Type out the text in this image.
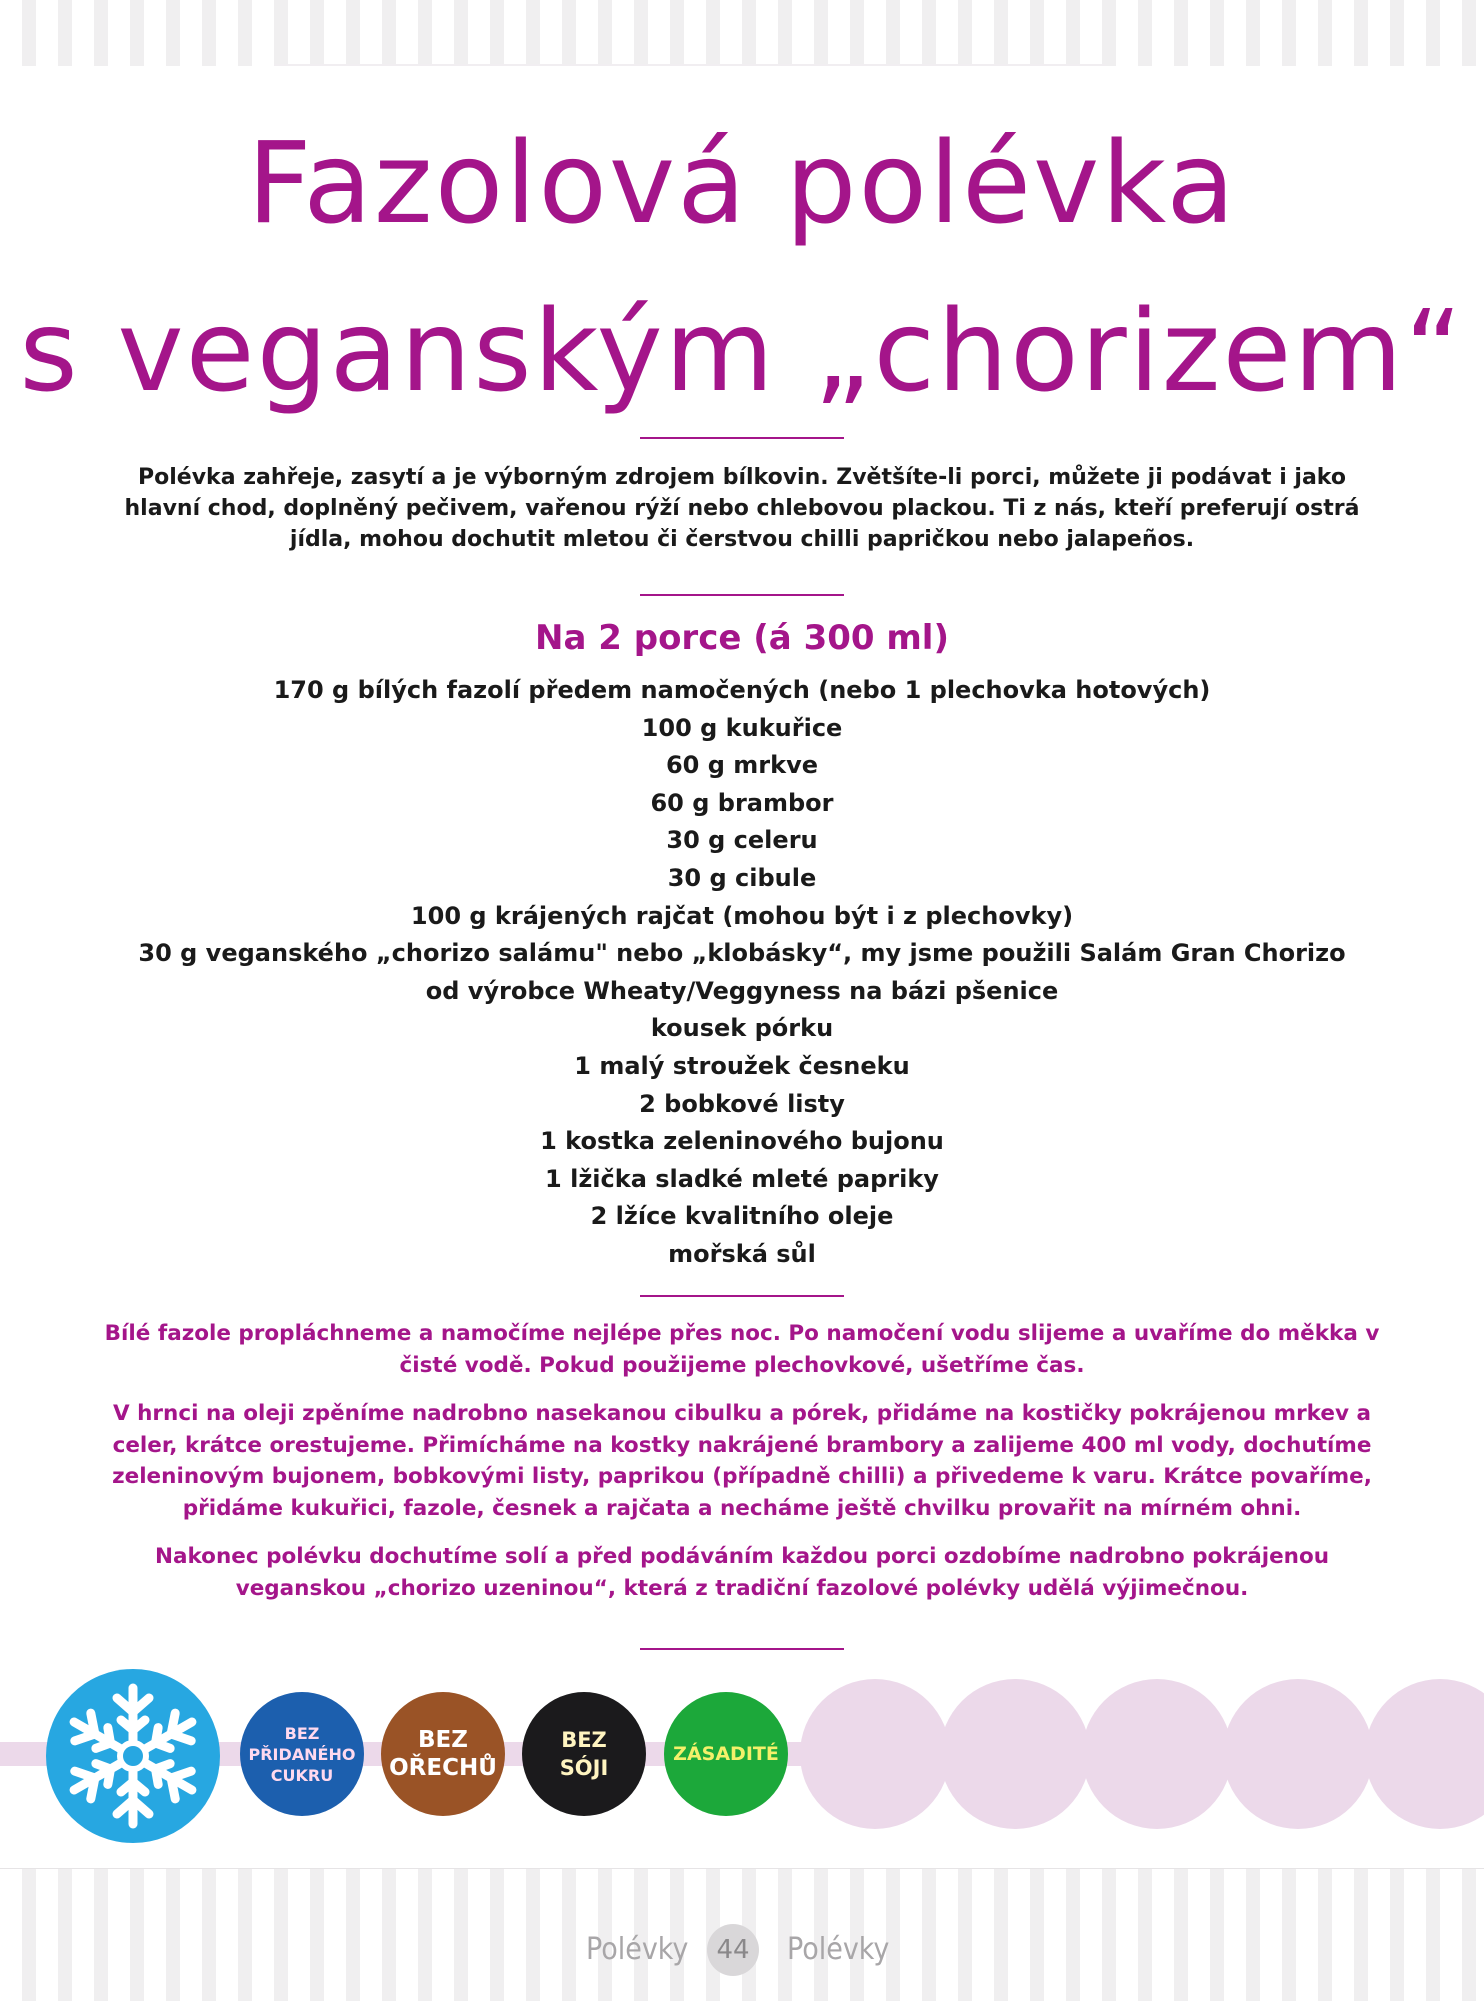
Fazolová polévka
s veganským „chorizem“

Polévka zahřeje, zasytí a je výborným zdrojem bílkovin. Zvětšíte-li porci, můžete ji podávat i jako hlavní chod, doplněný pečivem, vařenou rýží nebo chlebovou plackou. Ti z nás, kteří preferují ostrá jídla, mohou dochutit mletou či čerstvou chilli papričkou nebo jalapeños.

Na 2 porce (á 300 ml)
170 g bílých fazolí předem namočených (nebo 1 plechovka hotových)
100 g kukuřice
60 g mrkve
60 g brambor
30 g celeru
30 g cibule
100 g krájených rajčat (mohou být i z plechovky)
30 g veganského „chorizo salámu" nebo „klobásky“, my jsme použili Salám Gran Chorizo
od výrobce Wheaty/Veggyness na bázi pšenice
kousek pórku
1 malý stroužek česneku
2 bobkové listy
1 kostka zeleninového bujonu
1 lžička sladké mleté papriky
2 lžíce kvalitního oleje
mořská sůl

Bílé fazole propláchneme a namočíme nejlépe přes noc. Po namočení vodu slijeme a uvaříme do měkka v čisté vodě. Pokud použijeme plechovkové, ušetříme čas.

V hrnci na oleji zpěníme nadrobno nasekanou cibulku a pórek, přidáme na kostičky pokrájenou mrkev a celer, krátce orestujeme. Přimícháme na kostky nakrájené brambory a zalijeme 400 ml vody, dochutíme zeleninovým bujonem, bobkovými listy, paprikou (případně chilli) a přivedeme k varu. Krátce povaříme, přidáme kukuřici, fazole, česnek a rajčata a necháme ještě chvilku provařit na mírném ohni.

Nakonec polévku dochutíme solí a před podáváním každou porci ozdobíme nadrobno pokrájenou veganskou „chorizo uzeninou“, která z tradiční fazolové polévky udělá výjimečnou.

BEZ
PŘIDANÉHO
CUKRU
BEZ
OŘECHŮ
BEZ
SÓJI
ZÁSADITÉ
Polévky	44	Polévky
